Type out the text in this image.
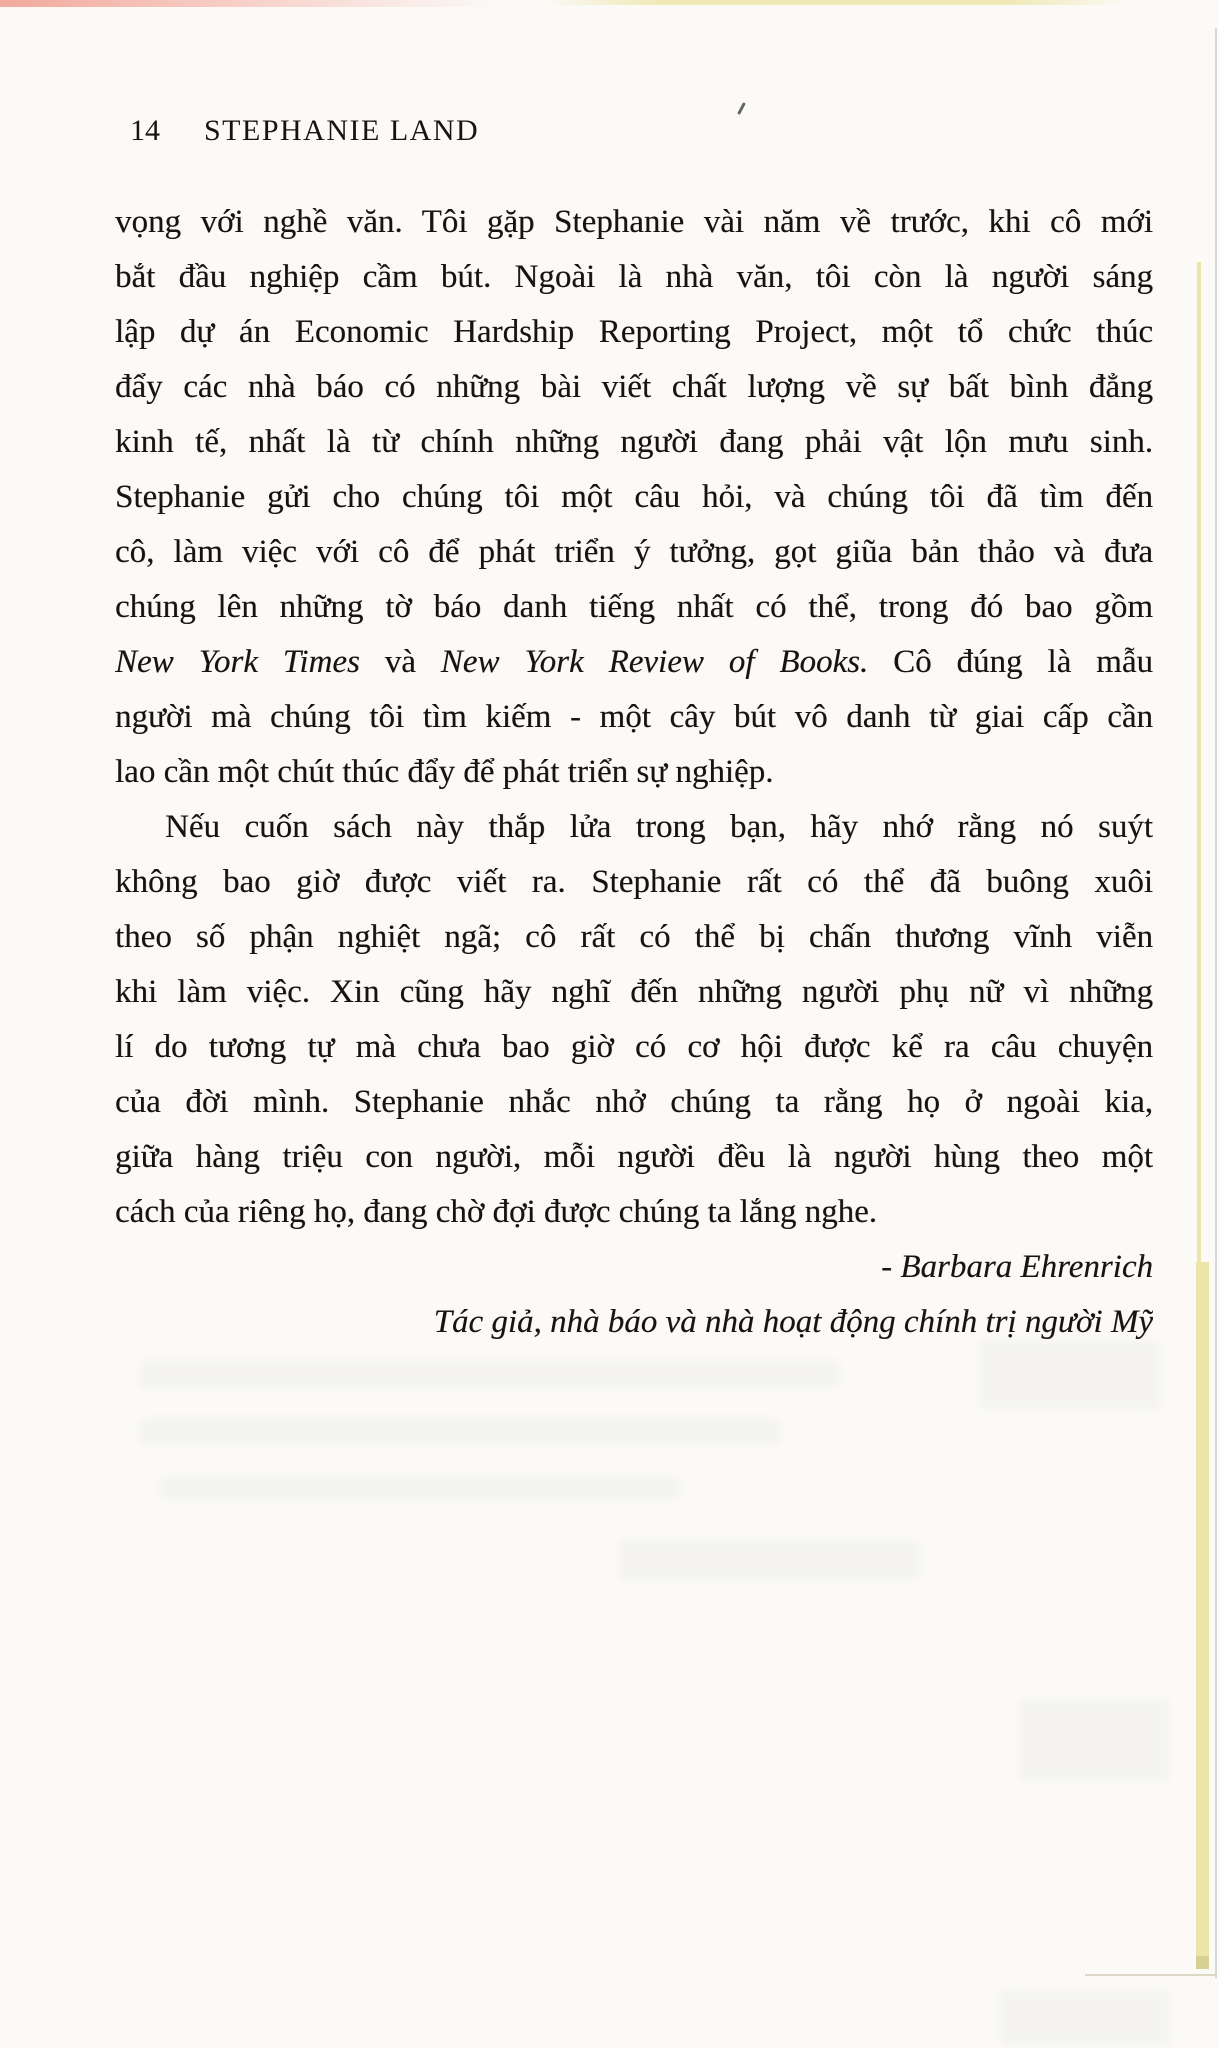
14 STEPHANIE LAND
vọng với nghề văn. Tôi gặp Stephanie vài năm về trước, khi cô mới
bắt đầu nghiệp cầm bút. Ngoài là nhà văn, tôi còn là người sáng
lập dự án Economic Hardship Reporting Project, một tổ chức thúc
đẩy các nhà báo có những bài viết chất lượng về sự bất bình đẳng
kinh tế, nhất là từ chính những người đang phải vật lộn mưu sinh.
Stephanie gửi cho chúng tôi một câu hỏi, và chúng tôi đã tìm đến
cô, làm việc với cô để phát triển ý tưởng, gọt giũa bản thảo và đưa
chúng lên những tờ báo danh tiếng nhất có thể, trong đó bao gồm
New York Times và New York Review of Books. Cô đúng là mẫu
người mà chúng tôi tìm kiếm - một cây bút vô danh từ giai cấp cần
lao cần một chút thúc đẩy để phát triển sự nghiệp.
Nếu cuốn sách này thắp lửa trong bạn, hãy nhớ rằng nó suýt
không bao giờ được viết ra. Stephanie rất có thể đã buông xuôi
theo số phận nghiệt ngã; cô rất có thể bị chấn thương vĩnh viễn
khi làm việc. Xin cũng hãy nghĩ đến những người phụ nữ vì những
lí do tương tự mà chưa bao giờ có cơ hội được kể ra câu chuyện
của đời mình. Stephanie nhắc nhở chúng ta rằng họ ở ngoài kia,
giữa hàng triệu con người, mỗi người đều là người hùng theo một
cách của riêng họ, đang chờ đợi được chúng ta lắng nghe.
- Barbara Ehrenrich
Tác giả, nhà báo và nhà hoạt động chính trị người Mỹ
